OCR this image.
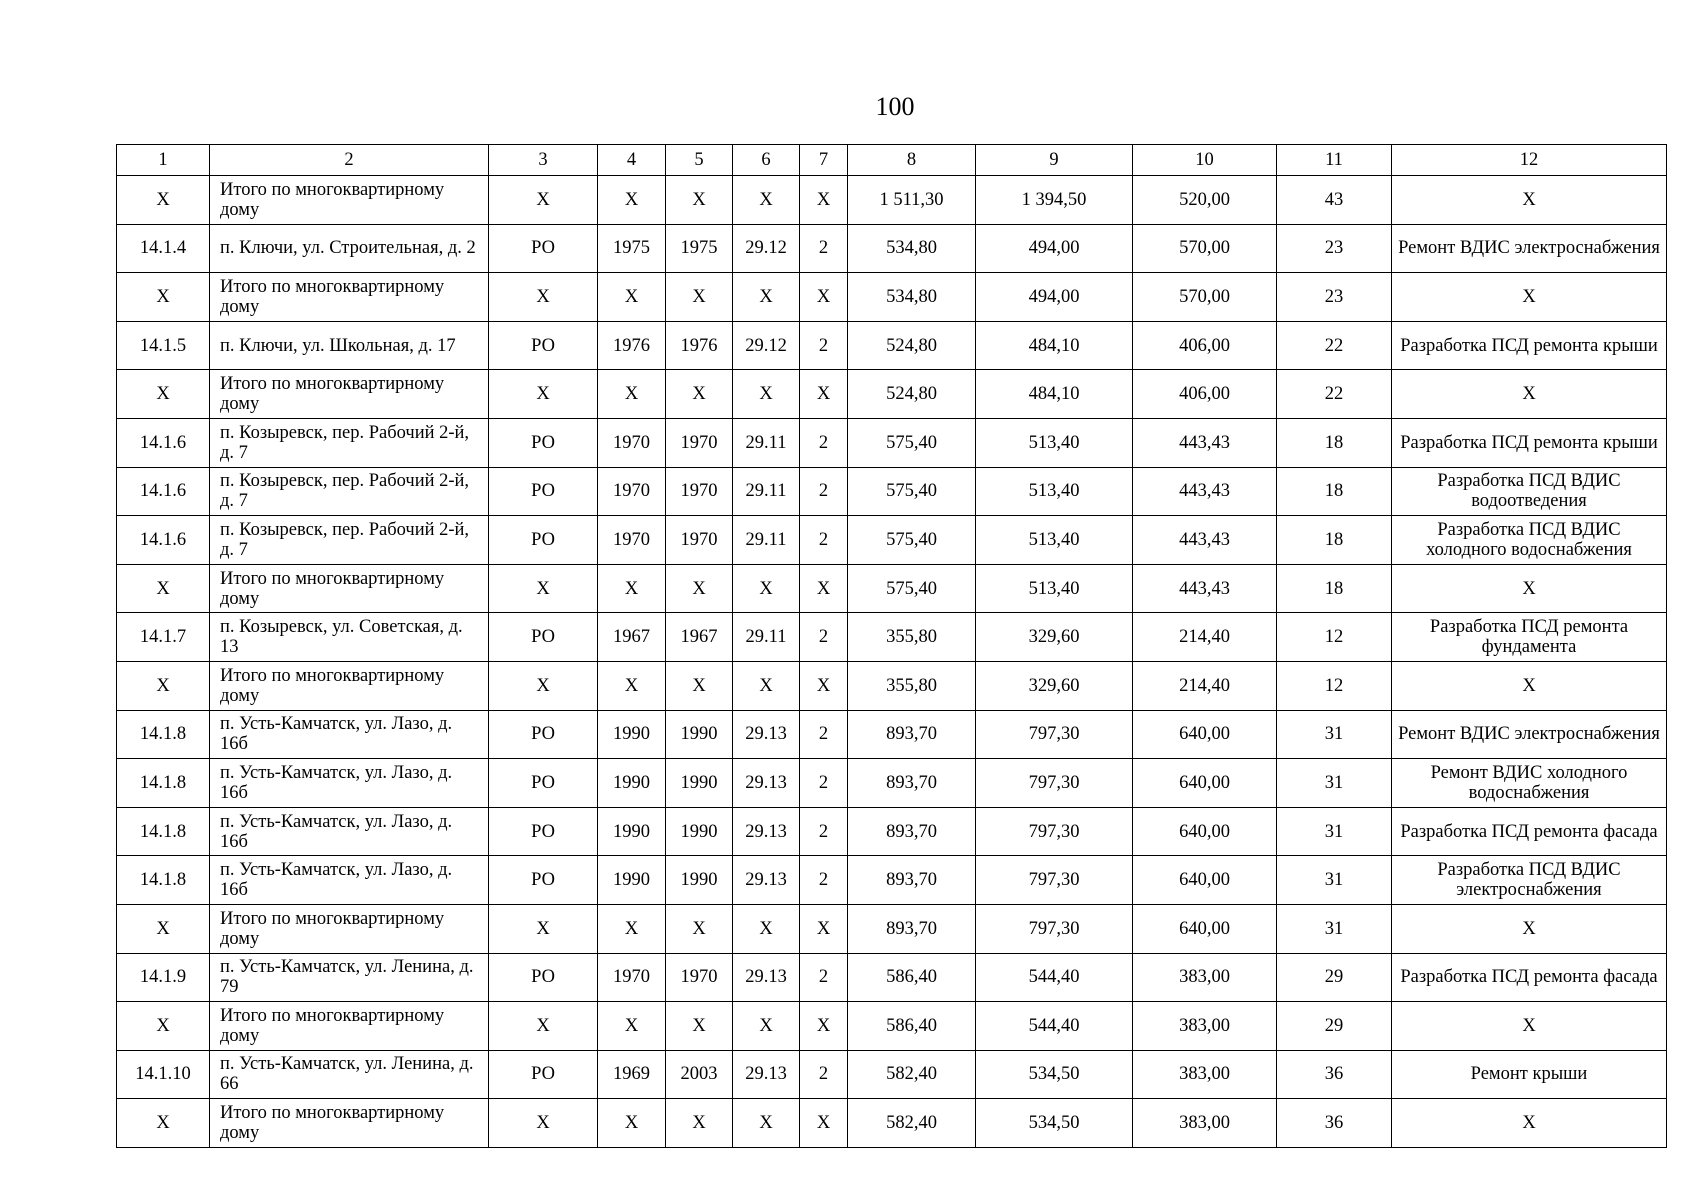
100
1	2	3	4	5	6	7	8	9	10	11	12
Х	Итого по многоквартирному дому	Х	Х	Х	Х	Х	1 511,30	1 394,50	520,00	43	Х
14.1.4	п. Ключи, ул. Строительная, д. 2	РО	1975	1975	29.12	2	534,80	494,00	570,00	23	Ремонт ВДИС электроснабжения
Х	Итого по многоквартирному дому	Х	Х	Х	Х	Х	534,80	494,00	570,00	23	Х
14.1.5	п. Ключи, ул. Школьная, д. 17	РО	1976	1976	29.12	2	524,80	484,10	406,00	22	Разработка ПСД ремонта крыши
Х	Итого по многоквартирному дому	Х	Х	Х	Х	Х	524,80	484,10	406,00	22	Х
14.1.6	п. Козыревск, пер. Рабочий 2-й, д. 7	РО	1970	1970	29.11	2	575,40	513,40	443,43	18	Разработка ПСД ремонта крыши
14.1.6	п. Козыревск, пер. Рабочий 2-й, д. 7	РО	1970	1970	29.11	2	575,40	513,40	443,43	18	Разработка ПСД ВДИС водоотведения
14.1.6	п. Козыревск, пер. Рабочий 2-й, д. 7	РО	1970	1970	29.11	2	575,40	513,40	443,43	18	Разработка ПСД ВДИС холодного водоснабжения
Х	Итого по многоквартирному дому	Х	Х	Х	Х	Х	575,40	513,40	443,43	18	Х
14.1.7	п. Козыревск, ул. Советская, д. 13	РО	1967	1967	29.11	2	355,80	329,60	214,40	12	Разработка ПСД ремонта фундамента
Х	Итого по многоквартирному дому	Х	Х	Х	Х	Х	355,80	329,60	214,40	12	Х
14.1.8	п. Усть-Камчатск, ул. Лазо, д. 16б	РО	1990	1990	29.13	2	893,70	797,30	640,00	31	Ремонт ВДИС электроснабжения
14.1.8	п. Усть-Камчатск, ул. Лазо, д. 16б	РО	1990	1990	29.13	2	893,70	797,30	640,00	31	Ремонт ВДИС холодного водоснабжения
14.1.8	п. Усть-Камчатск, ул. Лазо, д. 16б	РО	1990	1990	29.13	2	893,70	797,30	640,00	31	Разработка ПСД ремонта фасада
14.1.8	п. Усть-Камчатск, ул. Лазо, д. 16б	РО	1990	1990	29.13	2	893,70	797,30	640,00	31	Разработка ПСД ВДИС электроснабжения
Х	Итого по многоквартирному дому	Х	Х	Х	Х	Х	893,70	797,30	640,00	31	Х
14.1.9	п. Усть-Камчатск, ул. Ленина, д. 79	РО	1970	1970	29.13	2	586,40	544,40	383,00	29	Разработка ПСД ремонта фасада
Х	Итого по многоквартирному дому	Х	Х	Х	Х	Х	586,40	544,40	383,00	29	Х
14.1.10	п. Усть-Камчатск, ул. Ленина, д. 66	РО	1969	2003	29.13	2	582,40	534,50	383,00	36	Ремонт крыши
Х	Итого по многоквартирному дому	Х	Х	Х	Х	Х	582,40	534,50	383,00	36	Х
